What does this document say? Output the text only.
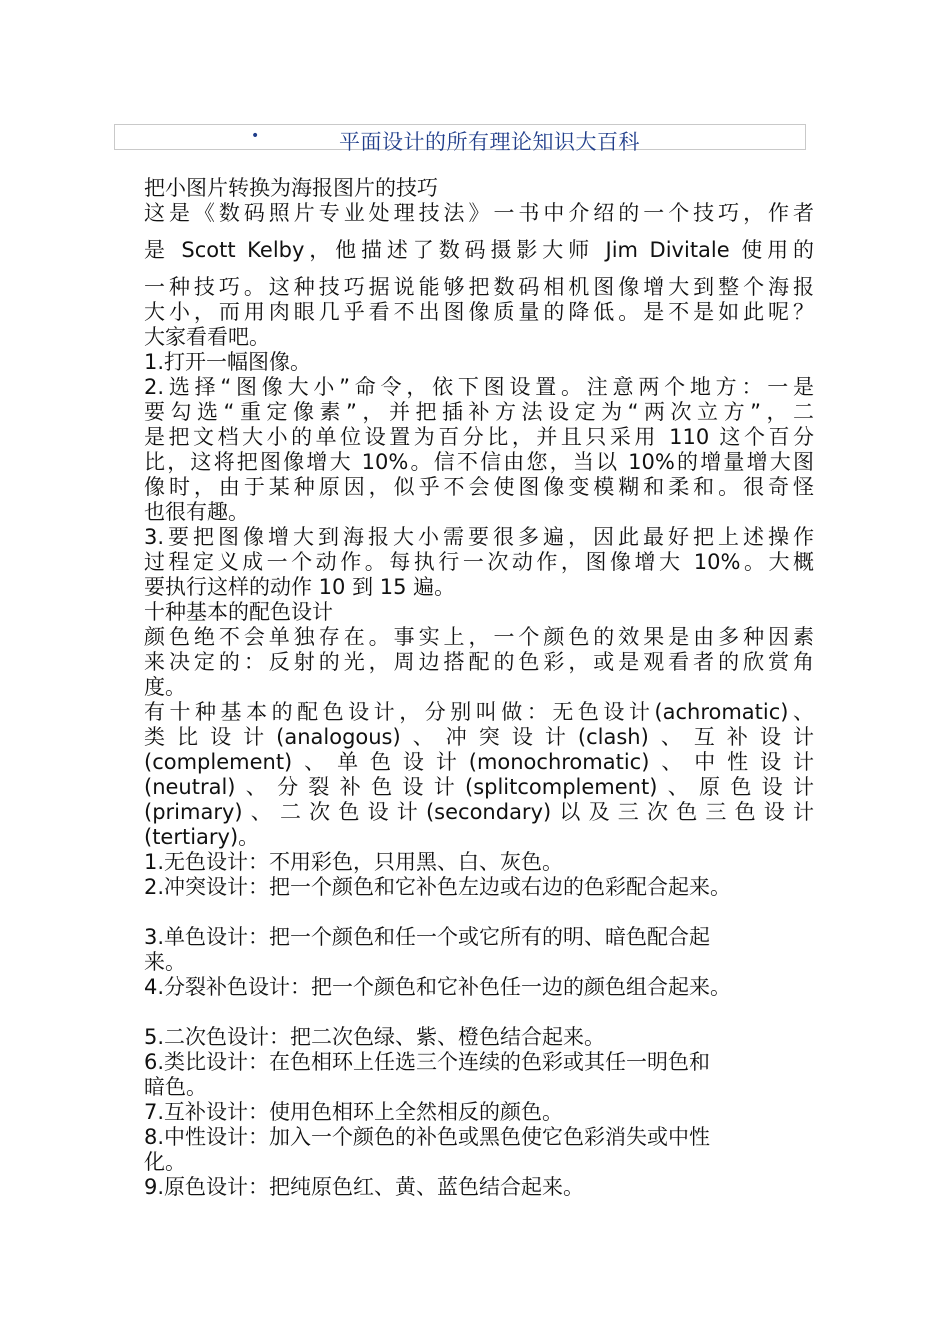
•	平面设计的所有理论知识大百科

把小图片转换为海报图片的技巧

这是《数码照片专业处理技法》一书中介绍的一个技巧，作者

是 Scott Kelby，他描述了数码摄影大师 Jim Divitale 使用的

一种技巧。这种技巧据说能够把数码相机图像增大到整个海报

大小，而用肉眼几乎看不出图像质量的降低。是不是如此呢？

大家看看吧。

1.打开一幅图像。

2.选择“图像大小”命令，依下图设置。注意两个地方：一是

要勾选“重定像素”，并把插补方法设定为“两次立方”，二

是把文档大小的单位设置为百分比，并且只采用 110 这个百分

比，这将把图像增大 10%。信不信由您，当以 10%的增量增大图

像时，由于某种原因，似乎不会使图像变模糊和柔和。很奇怪

也很有趣。

3.要把图像增大到海报大小需要很多遍，因此最好把上述操作

过程定义成一个动作。每执行一次动作，图像增大 10%。大概

要执行这样的动作 10 到 15 遍。

十种基本的配色设计

颜色绝不会单独存在。事实上，一个颜色的效果是由多种因素

来决定的：反射的光，周边搭配的色彩，或是观看者的欣赏角

度。

有十种基本的配色设计，分别叫做：无色设计(achromatic)、

类比设计(analogous)、冲突设计(clash)、互补设计

(complement)、单色设计(monochromatic)、中性设计

(neutral)、分裂补色设计(splitcomplement)、原色设计

(primary)、二次色设计(secondary)以及三次色三色设计

(tertiary)。

1.无色设计：不用彩色，只用黑、白、灰色。

2.冲突设计：把一个颜色和它补色左边或右边的色彩配合起来。

3.单色设计：把一个颜色和任一个或它所有的明、暗色配合起

来。

4.分裂补色设计：把一个颜色和它补色任一边的颜色组合起来。

5.二次色设计：把二次色绿、紫、橙色结合起来。

6.类比设计：在色相环上任选三个连续的色彩或其任一明色和

暗色。

7.互补设计：使用色相环上全然相反的颜色。

8.中性设计：加入一个颜色的补色或黑色使它色彩消失或中性

化。

9.原色设计：把纯原色红、黄、蓝色结合起来。
